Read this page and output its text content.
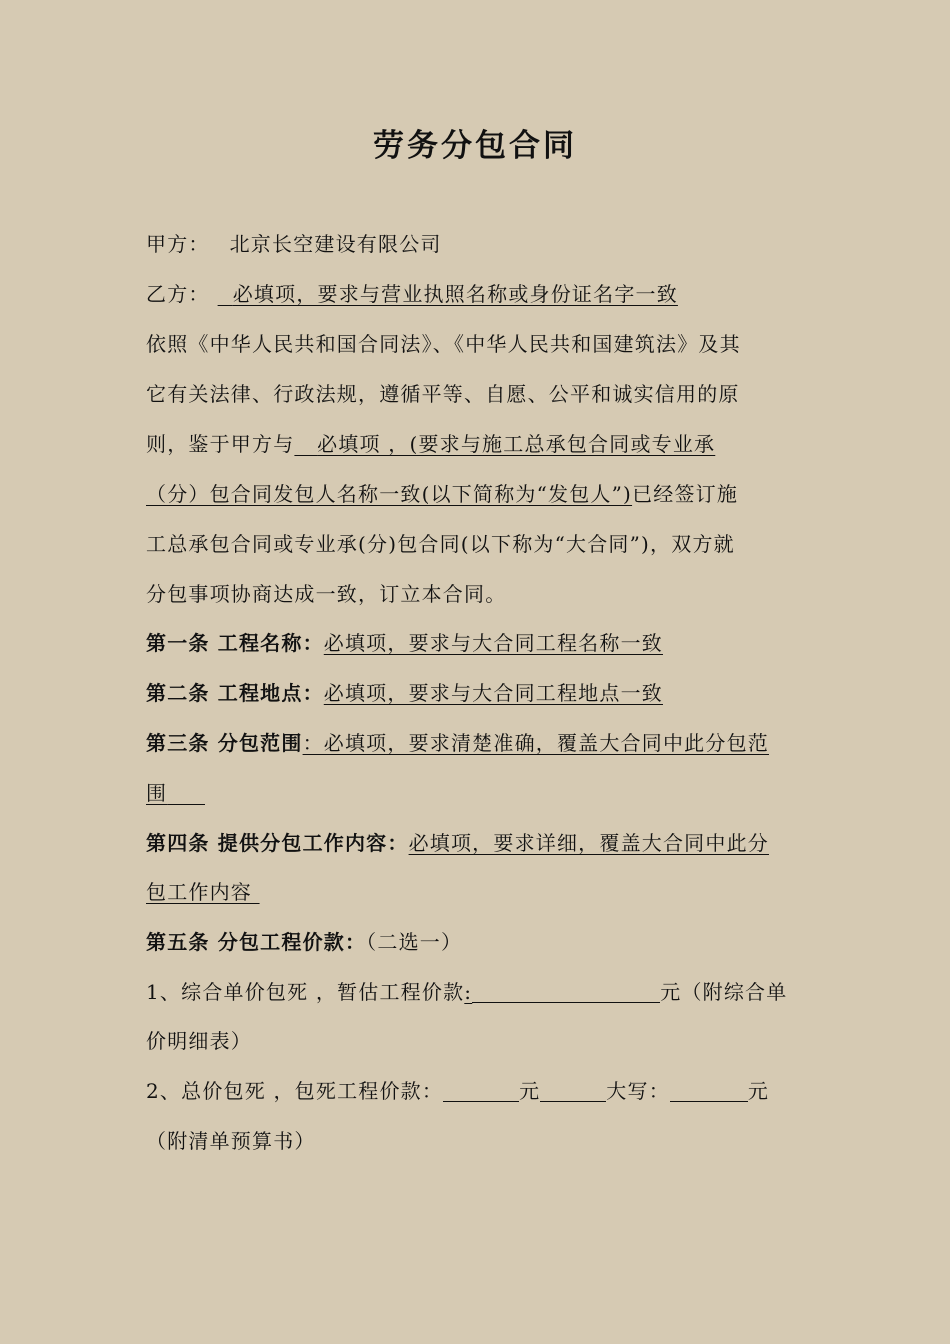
劳务分包合同
甲方： 北京长空建设有限公司
乙方： 必填项，要求与营业执照名称或身份证名字一致
依照《中华人民共和国合同法》、《中华人民共和国建筑法》及其
它有关法律、行政法规，遵循平等、自愿、公平和诚实信用的原
则，鉴于甲方与 必填项 ，(要求与施工总承包合同或专业承
（分）包合同发包人名称一致(以下简称为“发包人”)已经签订施
工总承包合同或专业承(分)包合同(以下称为“大合同”)，双方就
分包事项协商达成一致，订立本合同。
第一条 工程名称：必填项，要求与大合同工程名称一致
第二条 工程地点：必填项，要求与大合同工程地点一致
第三条 分包范围：必填项，要求清楚准确，覆盖大合同中此分包范
围
第四条 提供分包工作内容：必填项，要求详细，覆盖大合同中此分
包工作内容
第五条 分包工程价款：（二选一）
1、综合单价包死 ，暂估工程价款:	元（附综合单
价明细表）
2、总价包死 ，包死工程价款：	元	大写：	元
（附清单预算书）
